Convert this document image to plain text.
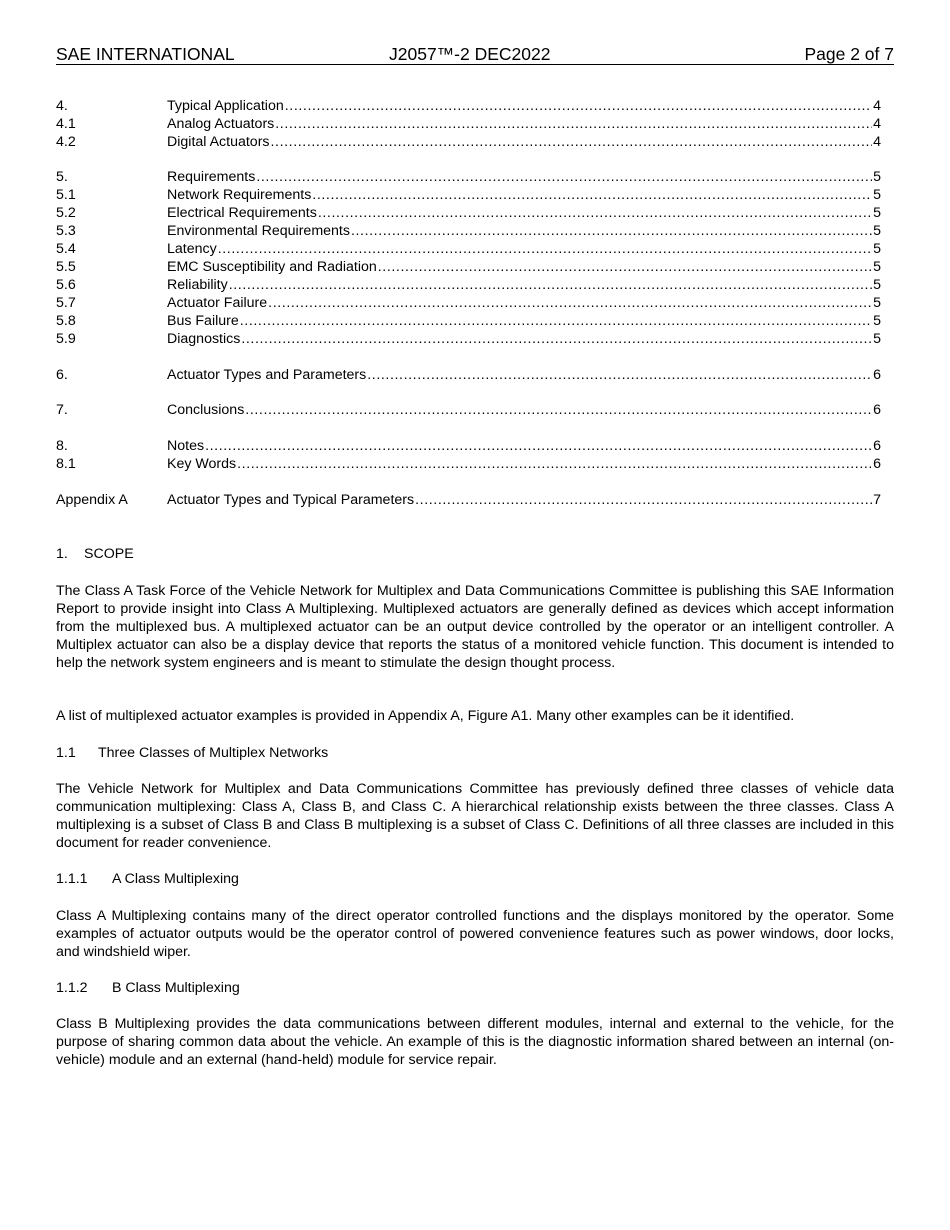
SAE INTERNATIONAL	J2057™-2 DEC2022	Page 2 of 7
4.	Typical Application .....	4
4.1	Analog Actuators .....	4
4.2	Digital Actuators .....	4
5.	Requirements .....	5
5.1	Network Requirements .....	5
5.2	Electrical Requirements .....	5
5.3	Environmental Requirements .....	5
5.4	Latency .....	5
5.5	EMC Susceptibility and Radiation .....	5
5.6	Reliability .....	5
5.7	Actuator Failure .....	5
5.8	Bus Failure .....	5
5.9	Diagnostics .....	5
6.	Actuator Types and Parameters .....	6
7.	Conclusions .....	6
8.	Notes .....	6
8.1	Key Words .....	6
Appendix A	Actuator Types and Typical Parameters .....	7
1. SCOPE

The Class A Task Force of the Vehicle Network for Multiplex and Data Communications Committee is publishing this SAE Information Report to provide insight into Class A Multiplexing. Multiplexed actuators are generally defined as devices which accept information from the multiplexed bus. A multiplexed actuator can be an output device controlled by the operator or an intelligent controller. A Multiplex actuator can also be a display device that reports the status of a monitored vehicle function. This document is intended to help the network system engineers and is meant to stimulate the design thought process.

A list of multiplexed actuator examples is provided in Appendix A, Figure A1. Many other examples can be it identified.

1.1 Three Classes of Multiplex Networks

The Vehicle Network for Multiplex and Data Communications Committee has previously defined three classes of vehicle data communication multiplexing: Class A, Class B, and Class C. A hierarchical relationship exists between the three classes. Class A multiplexing is a subset of Class B and Class B multiplexing is a subset of Class C. Definitions of all three classes are included in this document for reader convenience.

1.1.1 A Class Multiplexing

Class A Multiplexing contains many of the direct operator controlled functions and the displays monitored by the operator. Some examples of actuator outputs would be the operator control of powered convenience features such as power windows, door locks, and windshield wiper.

1.1.2 B Class Multiplexing

Class B Multiplexing provides the data communications between different modules, internal and external to the vehicle, for the purpose of sharing common data about the vehicle. An example of this is the diagnostic information shared between an internal (on-vehicle) module and an external (hand-held) module for service repair.
